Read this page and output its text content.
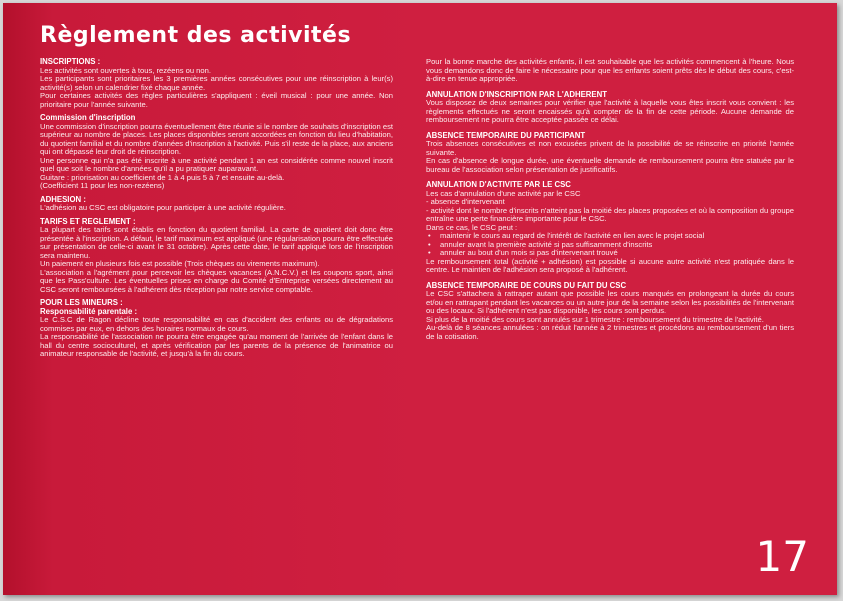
Règlement des activités
INSCRIPTIONS :
Les activités sont ouvertes à tous, rezéens ou non.
Les participants sont prioritaires les 3 premières années consécutives pour une réinscription à leur(s) activité(s) selon un calendrier fixé chaque année.
Pour certaines activités des règles particulières s'appliquent : éveil musical : pour une année. Non prioritaire pour l'année suivante.
Commission d'inscription
Une commission d'inscription pourra éventuellement être réunie si le nombre de souhaits d'inscription est supérieur au nombre de places. Les places disponibles seront accordées en fonction du lieu d'habitation, du quotient familial et du nombre d'années d'inscription à l'activité. Puis s'il reste de la place, aux anciens qui ont dépassé leur droit de réinscription.
Une personne qui n'a pas été inscrite à une activité pendant 1 an est considérée comme nouvel inscrit quel que soit le nombre d'années qu'il a pu pratiquer auparavant.
Guitare : priorisation au coefficient de 1 à 4 puis 5 à 7 et ensuite au-delà.
(Coefficient 11 pour les non-rezéens)
ADHESION :
L'adhésion au CSC est obligatoire pour participer à une activité régulière.
TARIFS ET REGLEMENT :
La plupart des tarifs sont établis en fonction du quotient familial. La carte de quotient doit donc être présentée à l'inscription. A défaut, le tarif maximum est appliqué (une régularisation pourra être effectuée sur présentation de celle-ci avant le 31 octobre). Après cette date, le tarif appliqué lors de l'inscription sera maintenu.
Un paiement en plusieurs fois est possible (Trois chèques ou virements maximum).
L'association a l'agrément pour percevoir les chèques vacances (A.N.C.V.) et les coupons sport, ainsi que les Pass'culture. Les éventuelles prises en charge du Comité d'Entreprise versées directement au CSC seront remboursées à l'adhérent dès réception par notre service comptable.
POUR LES MINEURS :
Responsabilité parentale :
Le C.S.C de Ragon décline toute responsabilité en cas d'accident des enfants ou de dégradations commises par eux, en dehors des horaires normaux de cours.
La responsabilité de l'association ne pourra être engagée qu'au moment de l'arrivée de l'enfant dans le hall du centre socioculturel, et après vérification par les parents de la présence de l'animatrice ou animateur responsable de l'activité, et jusqu'à la fin du cours.
Pour la bonne marche des activités enfants, il est souhaitable que les activités commencent à l'heure. Nous vous demandons donc de faire le nécessaire pour que les enfants soient prêts dès le début des cours, c'est-à-dire en tenue appropriée.
ANNULATION D'INSCRIPTION PAR L'ADHERENT
Vous disposez de deux semaines pour vérifier que l'activité à laquelle vous êtes inscrit vous convient : les règlements effectués ne seront encaissés qu'à compter de la fin de cette période. Aucune demande de remboursement ne pourra être acceptée passée ce délai.
ABSENCE TEMPORAIRE DU PARTICIPANT
Trois absences consécutives et non excusées privent de la possibilité de se réinscrire en priorité l'année suivante.
En cas d'absence de longue durée, une éventuelle demande de remboursement pourra être statuée par le bureau de l'association selon présentation de justificatifs.
ANNULATION D'ACTIVITE PAR LE CSC
Les cas d'annulation d'une activité par le CSC
- absence d'intervenant
- activité dont le nombre d'inscrits n'atteint pas la moitié des places proposées et où la composition du groupe entraîne une perte financière importante pour le CSC.
Dans ce cas, le CSC peut :
• maintenir le cours au regard de l'intérêt de l'activité en lien avec le projet social
• annuler avant la première activité si pas suffisamment d'inscrits
• annuler au bout d'un mois si pas d'intervenant trouvé
Le remboursement total (activité + adhésion) est possible si aucune autre activité n'est pratiquée dans le centre. Le maintien de l'adhésion sera proposé à l'adhérent.
ABSENCE TEMPORAIRE DE COURS DU FAIT DU CSC
Le CSC s'attachera à rattraper autant que possible les cours manqués en prolongeant la durée du cours et/ou en rattrapant pendant les vacances ou un autre jour de la semaine selon les possibilités de l'intervenant ou des locaux. Si l'adhérent n'est pas disponible, les cours sont perdus.
Si plus de la moitié des cours sont annulés sur 1 trimestre : remboursement du trimestre de l'activité.
Au-delà de 8 séances annulées : on réduit l'année à 2 trimestres et procédons au remboursement d'un tiers de la cotisation.
17
